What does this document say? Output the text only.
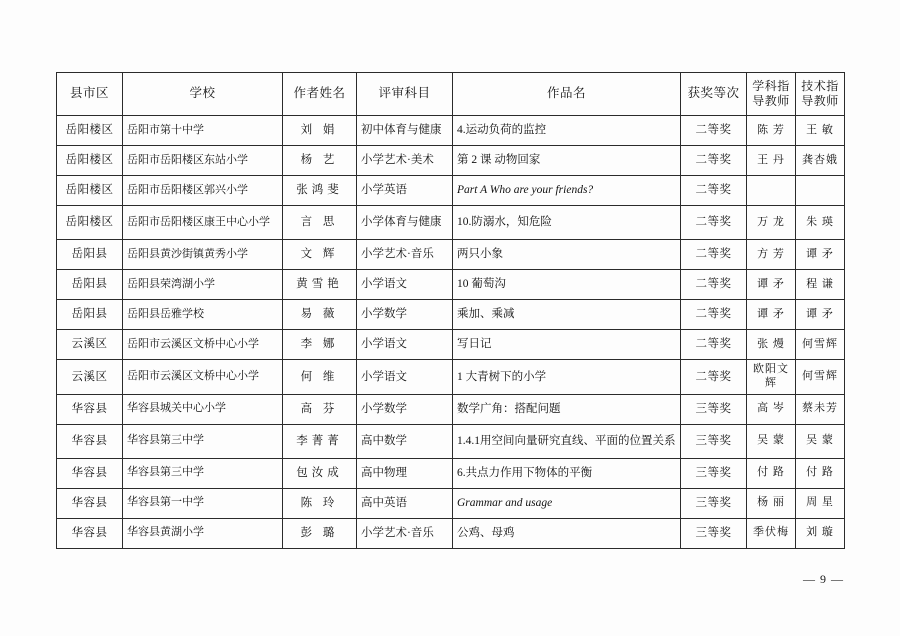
县市区	学校	作者姓名	评审科目	作品名	获奖等次	学科指导教师	技术指导教师
岳阳楼区	岳阳市第十中学	刘 娟	初中体育与健康	4.运动负荷的监控	二等奖	陈 芳	王 敏
岳阳楼区	岳阳市岳阳楼区东站小学	杨 艺	小学艺术·美术	第 2 课 动物回家	二等奖	王 丹	龚杏娥
岳阳楼区	岳阳市岳阳楼区郭兴小学	张鸿斐	小学英语	Part A Who are your friends?	二等奖		
岳阳楼区	岳阳市岳阳楼区康王中心小学	言 思	小学体育与健康	10.防溺水，知危险	二等奖	万 龙	朱 瑛
岳阳县	岳阳县黄沙街镇黄秀小学	文 辉	小学艺术·音乐	两只小象	二等奖	方 芳	谭 矛
岳阳县	岳阳县荣湾湖小学	黄雪艳	小学语文	10 葡萄沟	二等奖	谭 矛	程 谦
岳阳县	岳阳县岳雅学校	易 薇	小学数学	乘加、乘减	二等奖	谭 矛	谭 矛
云溪区	岳阳市云溪区文桥中心小学	李 娜	小学语文	写日记	二等奖	张 熳	何雪辉
云溪区	岳阳市云溪区文桥中心小学	何 维	小学语文	1 大青树下的小学	二等奖	欧阳文辉	何雪辉
华容县	华容县城关中心小学	高 芬	小学数学	数学广角：搭配问题	三等奖	高 岑	蔡未芳
华容县	华容县第三中学	李菁菁	高中数学	1.4.1用空间向量研究直线、平面的位置关系	三等奖	吴 蒙	吴 蒙
华容县	华容县第三中学	包汝成	高中物理	6.共点力作用下物体的平衡	三等奖	付 路	付 路
华容县	华容县第一中学	陈 玲	高中英语	Grammar and usage	三等奖	杨 丽	周 星
华容县	华容县黄湖小学	彭 璐	小学艺术·音乐	公鸡、母鸡	三等奖	季伏梅	刘 璇
— 9 —
